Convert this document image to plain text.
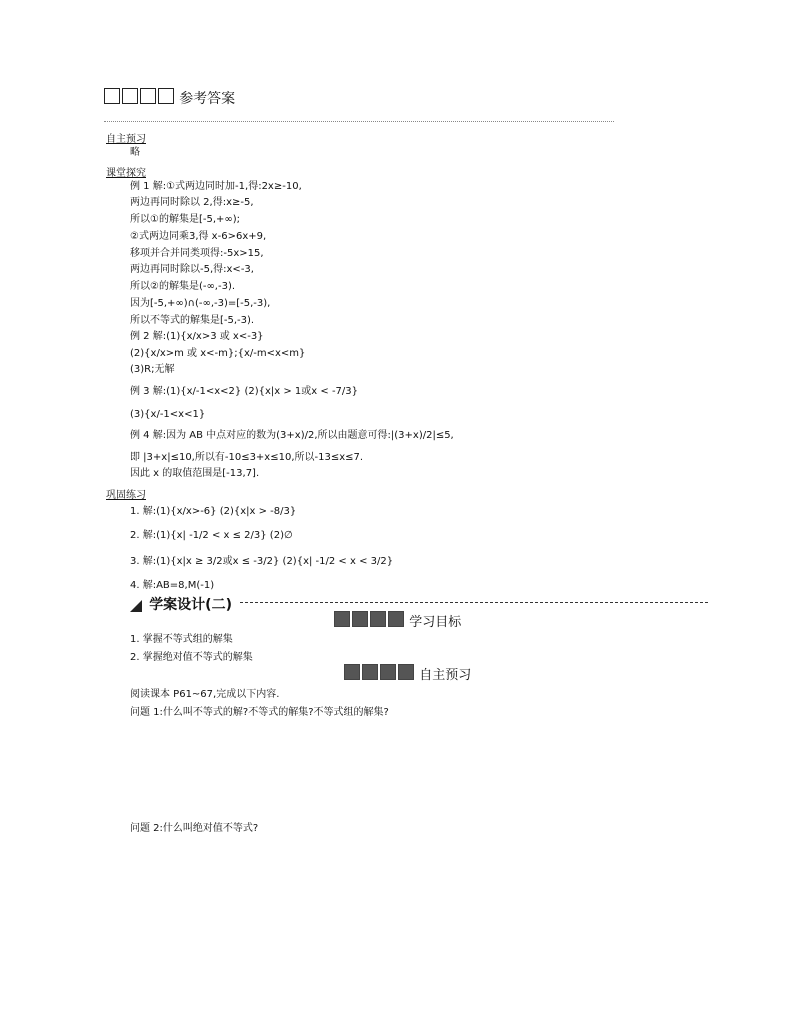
参考答案
自主预习
略
课堂探究
例 1 解:①式两边同时加-1,得:2x≥-10,
两边再同时除以 2,得:x≥-5,
所以①的解集是[-5,+∞);
②式两边同乘3,得 x-6>6x+9,
移项并合并同类项得:-5x>15,
两边再同时除以-5,得:x<-3,
所以②的解集是(-∞,-3).
因为[-5,+∞)∩(-∞,-3)=[-5,-3),
所以不等式的解集是[-5,-3).
例 2 解:(1){x/x>3 或 x<-3}
(2){x/x>m 或 x<-m};{x/-m<x<m}
(3)R;无解
例 3 解:(1){x/-1<x<2} (2){x|x > 1或x < -7/3}
(3){x/-1<x<1}
例 4 解:因为 AB 中点对应的数为(3+x)/2,所以由题意可得:|(3+x)/2|≤5,
即 |3+x|≤10,所以有-10≤3+x≤10,所以-13≤x≤7.
因此 x 的取值范围是[-13,7].
巩固练习
1. 解:(1){x/x>-6} (2){x|x > -8/3}
2. 解:(1){x| -1/2 < x ≤ 2/3} (2)∅
3. 解:(1){x|x ≥ 3/2或x ≤ -3/2} (2){x| -1/2 < x < 3/2}
4. 解:AB=8,M(-1)
学案设计(二)
学习目标
1. 掌握不等式组的解集
2. 掌握绝对值不等式的解集
自主预习
阅读课本 P61~67,完成以下内容.
问题 1:什么叫不等式的解?不等式的解集?不等式组的解集?
问题 2:什么叫绝对值不等式?
